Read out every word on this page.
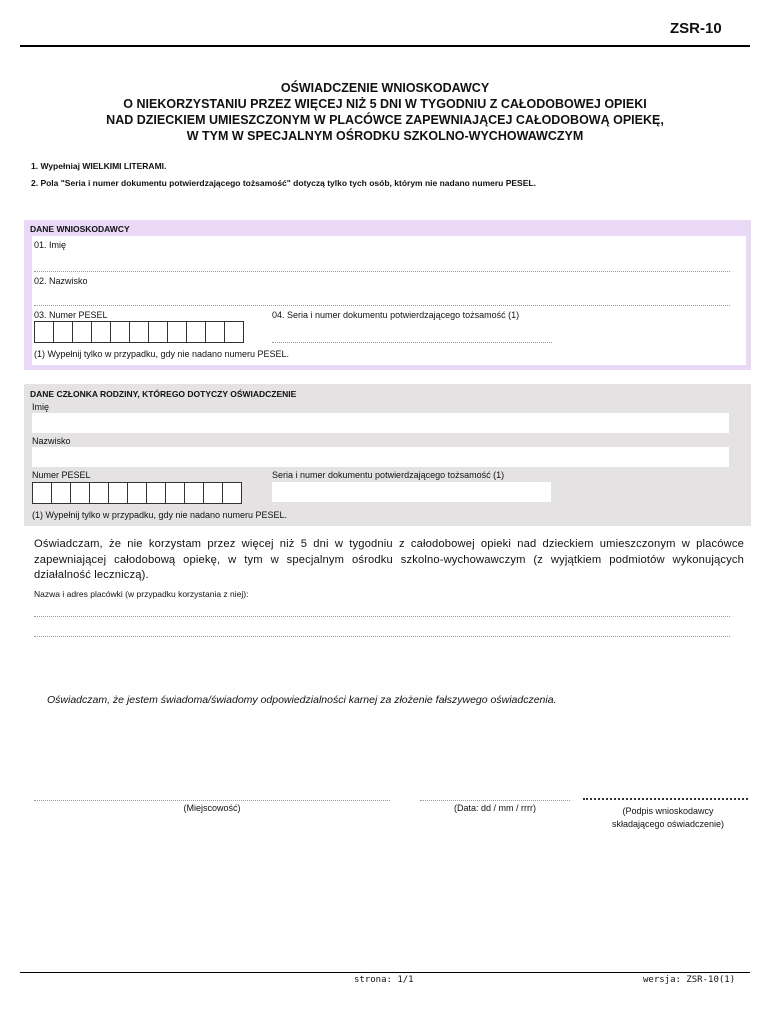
ZSR-10
OŚWIADCZENIE WNIOSKODAWCY
O NIEKORZYSTANIU PRZEZ WIĘCEJ NIŻ 5 DNI W TYGODNIU Z CAŁODOBOWEJ OPIEKI
NAD DZIECKIEM UMIESZCZONYM W PLACÓWCE ZAPEWNIAJĄCEJ CAŁODOBOWĄ OPIEKĘ,
W TYM W SPECJALNYM OŚRODKU SZKOLNO-WYCHOWAWCZYM
1. Wypełniaj WIELKIMI LITERAMI.
2. Pola "Seria i numer dokumentu potwierdzającego tożsamość" dotyczą tylko tych osób, którym nie nadano numeru PESEL.
DANE WNIOSKODAWCY
01. Imię
02. Nazwisko
03. Numer PESEL	04. Seria i numer dokumentu potwierdzającego tożsamość (1)
(1) Wypełnij tylko w przypadku, gdy nie nadano numeru PESEL.
DANE CZŁONKA RODZINY, KTÓREGO DOTYCZY OŚWIADCZENIE
Imię
Nazwisko
Numer PESEL	Seria i numer dokumentu potwierdzającego tożsamość (1)
(1) Wypełnij tylko w przypadku, gdy nie nadano numeru PESEL.
Oświadczam, że nie korzystam przez więcej niż 5 dni w tygodniu z całodobowej opieki nad dzieckiem umieszczonym w placówce zapewniającej całodobową opiekę, w tym w specjalnym ośrodku szkolno-wychowawczym (z wyjątkiem podmiotów wykonujących działalność leczniczą).
Nazwa i adres placówki (w przypadku korzystania z niej):
Oświadczam, że jestem świadoma/świadomy odpowiedzialności karnej za złożenie fałszywego oświadczenia.
(Miejscowość)	(Data: dd / mm / rrrr)	(Podpis wnioskodawcy
składającego oświadczenie)
strona: 1/1	wersja: ZSR-10(1)
